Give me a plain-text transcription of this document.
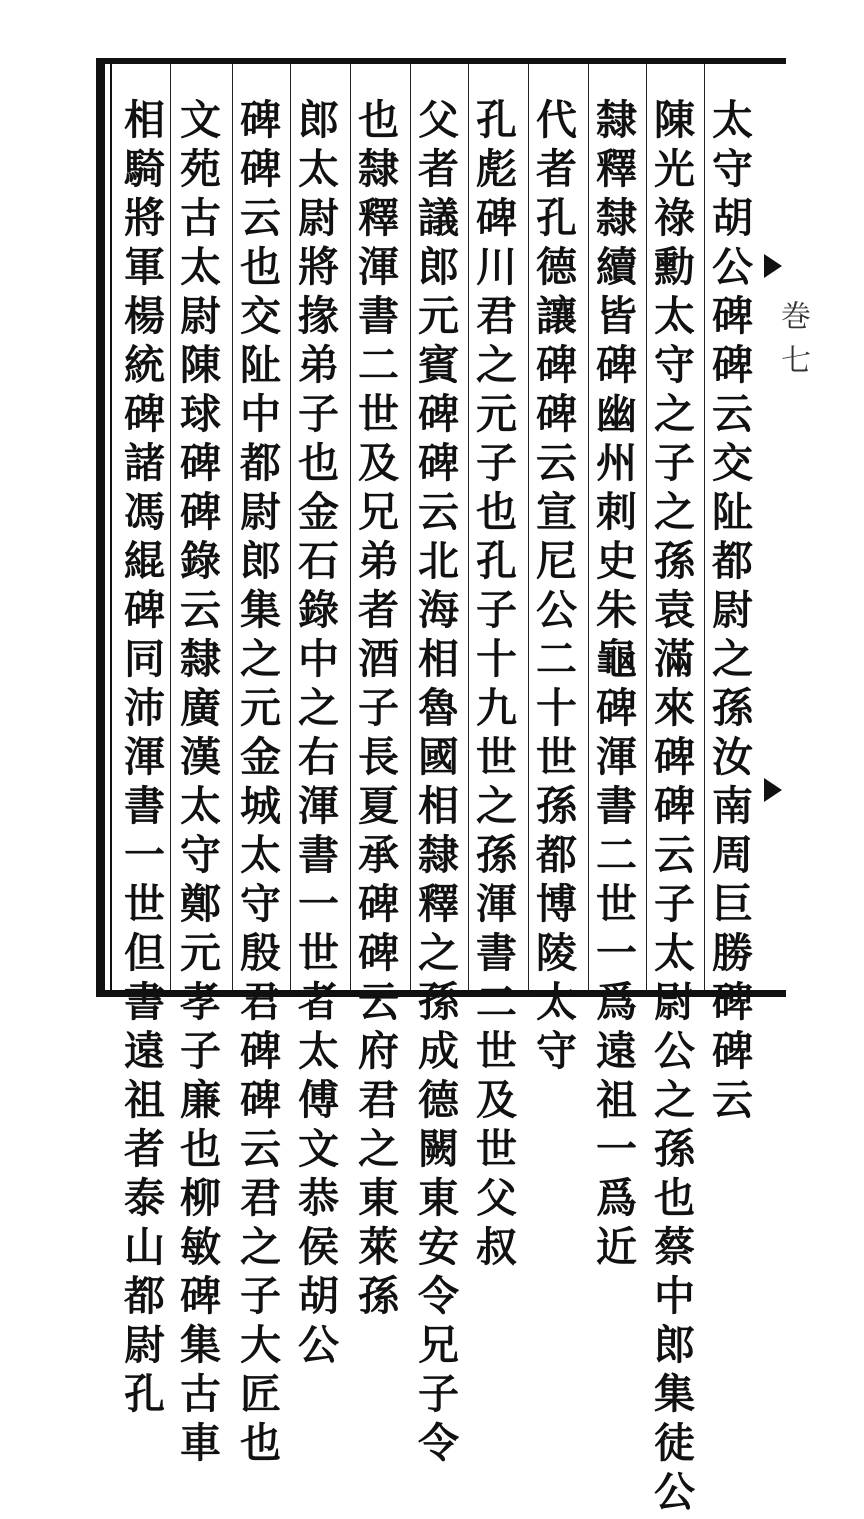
太守胡公碑碑云交阯都尉之孫汝南周巨勝碑碑云
陳光祿勳太守之子之孫袁滿來碑碑云子太尉公之孫也蔡中郎集徒公
隸釋隸續皆碑幽州刺史朱龜碑渾書二世一爲遠祖一爲近
代者孔德讓碑碑云宣尼公二十世孫都博陵太守
孔彪碑川君之元子也孔子十九世之孫渾書二世及世父叔
父者議郎元賓碑碑云北海相魯國相隸釋之孫成德闕東安令兄子令
也隸釋渾書二世及兄弟者酒子長夏承碑碑云府君之東萊孫
郎太尉將掾弟子也金石錄中之右渾書一世者太傅文恭侯胡公
碑碑云也交阯中都尉郎集之元金城太守殷君碑碑云君之子大匠也
文苑古太尉陳球碑碑錄云隸廣漢太守鄭元孝子廉也柳敏碑集古車
相騎將軍楊統碑諸馮緄碑同沛渾書一世但書遠祖者泰山都尉孔	巻七
